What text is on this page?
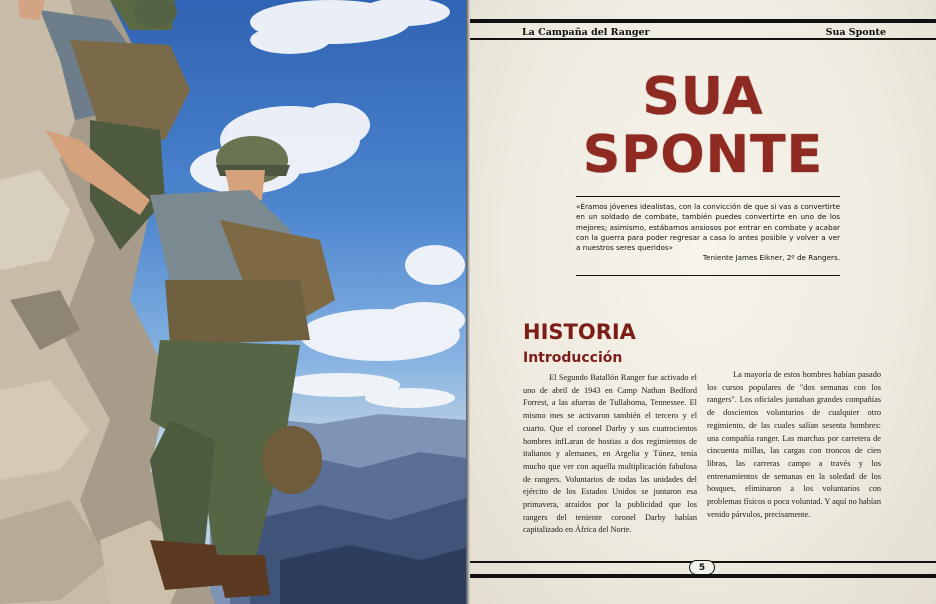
La Campaña del Ranger	Sua Sponte
SUA
SPONTE
«Éramos jóvenes idealistas, con la convicción de que si vas a convertirte en un soldado de combate, también puedes convertirte en uno de los mejores; asimismo, estábamos ansiosos por entrar en combate y acabar con la guerra para poder regresar a casa lo antes posible y volver a ver a nuestros seres queridos»
Teniente James Eikner, 2º de Rangers.
HISTORIA
Introducción
El Segundo Batallón Ranger fue activado el uno de abril de 1943 en Camp Nathan Bedford Forrest, a las afueras de Tullahoma, Tennessee. El mismo mes se activaron también el tercero y el cuarto. Que el coronel Darby y sus cuatrocientos hombres infLaran de hostias a dos regimientos de italianos y alemanes, en Argelia y Túnez, tenía mucho que ver con aquella multiplicación fabulosa de rangers. Voluntarios de todas las unidades del ejército de los Estados Unidos se juntaron esa primavera, atraídos por la publicidad que los rangers del teniente coronel Darby habían capitalizado en África del Norte.
La mayoría de estos hombres habían pasado los cursos populares de "dos semanas con los rangers". Los oficiales juntaban grandes compañías de doscientos voluntarios de cualquier otro regimiento, de las cuales salían sesenta hombres: una compañía ranger. Las marchas por carretera de cincuenta millas, las cargas con troncos de cien libras, las carreras campo a través y los entrenamientos de semanas en la soledad de los bosques, eliminaron a los voluntarios con problemas físicos o poca voluntad. Y aquí no habían venido párvulos, precisamente.
5
